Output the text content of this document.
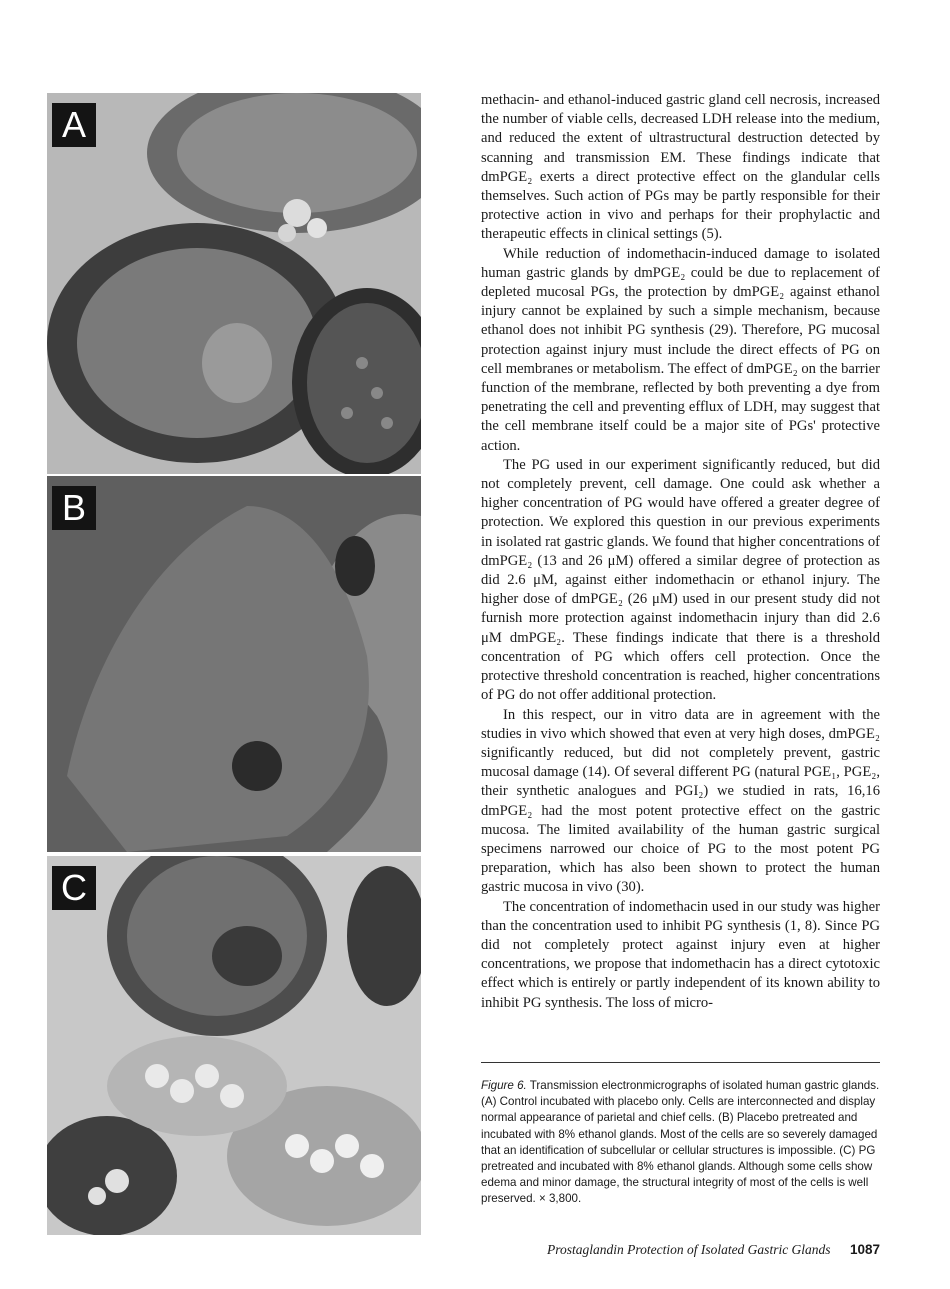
A
B
C

methacin- and ethanol-induced gastric gland cell necrosis, increased the number of viable cells, decreased LDH release into the medium, and reduced the extent of ultrastructural destruction detected by scanning and transmission EM. These findings indicate that dmPGE₂ exerts a direct protective effect on the glandular cells themselves. Such action of PGs may be partly responsible for their protective action in vivo and perhaps for their prophylactic and therapeutic effects in clinical settings (5).

While reduction of indomethacin-induced damage to isolated human gastric glands by dmPGE₂ could be due to replacement of depleted mucosal PGs, the protection by dmPGE₂ against ethanol injury cannot be explained by such a simple mechanism, because ethanol does not inhibit PG synthesis (29). Therefore, PG mucosal protection against injury must include the direct effects of PG on cell membranes or metabolism. The effect of dmPGE₂ on the barrier function of the membrane, reflected by both preventing a dye from penetrating the cell and preventing efflux of LDH, may suggest that the cell membrane itself could be a major site of PGs' protective action.

The PG used in our experiment significantly reduced, but did not completely prevent, cell damage. One could ask whether a higher concentration of PG would have offered a greater degree of protection. We explored this question in our previous experiments in isolated rat gastric glands. We found that higher concentrations of dmPGE₂ (13 and 26 μM) offered a similar degree of protection as did 2.6 μM, against either indomethacin or ethanol injury. The higher dose of dmPGE₂ (26 μM) used in our present study did not furnish more protection against indomethacin injury than did 2.6 μM dmPGE₂. These findings indicate that there is a threshold concentration of PG which offers cell protection. Once the protective threshold concentration is reached, higher concentrations of PG do not offer additional protection.

In this respect, our in vitro data are in agreement with the studies in vivo which showed that even at very high doses, dmPGE₂ significantly reduced, but did not completely prevent, gastric mucosal damage (14). Of several different PG (natural PGE₁, PGE₂, their synthetic analogues and PGI₂) we studied in rats, 16,16 dmPGE₂ had the most potent protective effect on the gastric mucosa. The limited availability of the human gastric surgical specimens narrowed our choice of PG to the most potent PG preparation, which has also been shown to protect the human gastric mucosa in vivo (30).

The concentration of indomethacin used in our study was higher than the concentration used to inhibit PG synthesis (1, 8). Since PG did not completely protect against injury even at higher concentrations, we propose that indomethacin has a direct cytotoxic effect which is entirely or partly independent of its known ability to inhibit PG synthesis. The loss of micro-

Figure 6. Transmission electronmicrographs of isolated human gastric glands. (A) Control incubated with placebo only. Cells are interconnected and display normal appearance of parietal and chief cells. (B) Placebo pretreated and incubated with 8% ethanol glands. Most of the cells are so severely damaged that an identification of subcellular or cellular structures is impossible. (C) PG pretreated and incubated with 8% ethanol glands. Although some cells show edema and minor damage, the structural integrity of most of the cells is well preserved. × 3,800.
Prostaglandin Protection of Isolated Gastric Glands 1087
